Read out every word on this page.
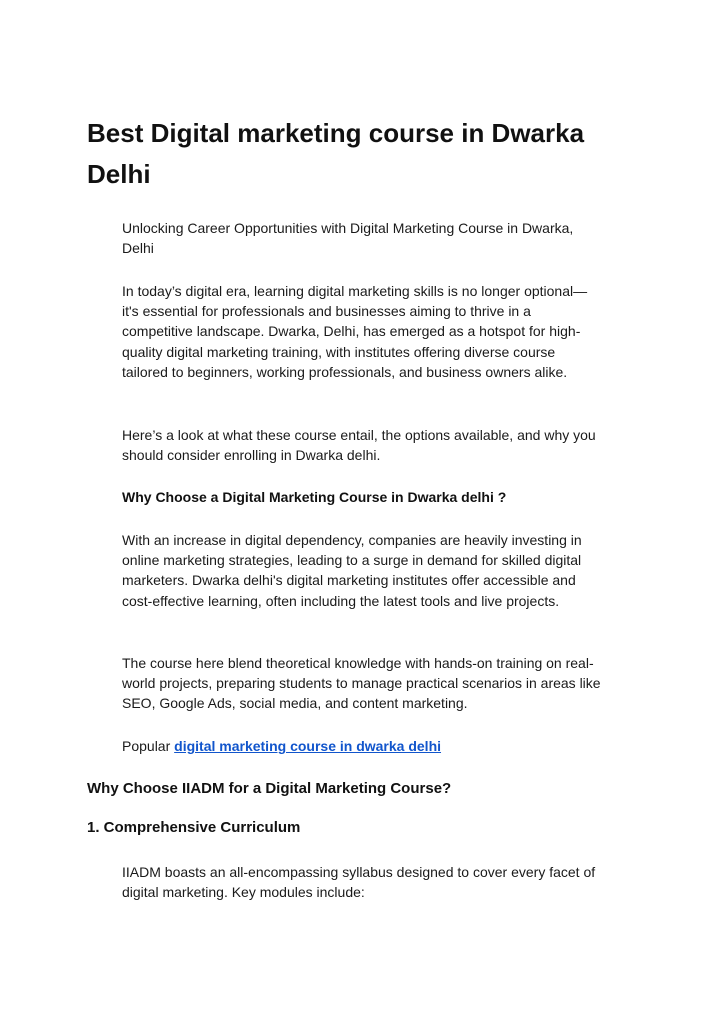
Best Digital marketing course in Dwarka Delhi

Unlocking Career Opportunities with Digital Marketing Course in Dwarka, Delhi

In today’s digital era, learning digital marketing skills is no longer optional—it's essential for professionals and businesses aiming to thrive in a competitive landscape. Dwarka, Delhi, has emerged as a hotspot for high-quality digital marketing training, with institutes offering diverse course tailored to beginners, working professionals, and business owners alike.

Here’s a look at what these course entail, the options available, and why you should consider enrolling in Dwarka delhi.

Why Choose a Digital Marketing Course in Dwarka delhi ?

With an increase in digital dependency, companies are heavily investing in online marketing strategies, leading to a surge in demand for skilled digital marketers. Dwarka delhi's digital marketing institutes offer accessible and cost-effective learning, often including the latest tools and live projects.

The course here blend theoretical knowledge with hands-on training on real-world projects, preparing students to manage practical scenarios in areas like SEO, Google Ads, social media, and content marketing.

Popular digital marketing course in dwarka delhi

Why Choose IIADM for a Digital Marketing Course?
1. Comprehensive Curriculum

IIADM boasts an all-encompassing syllabus designed to cover every facet of digital marketing. Key modules include:
